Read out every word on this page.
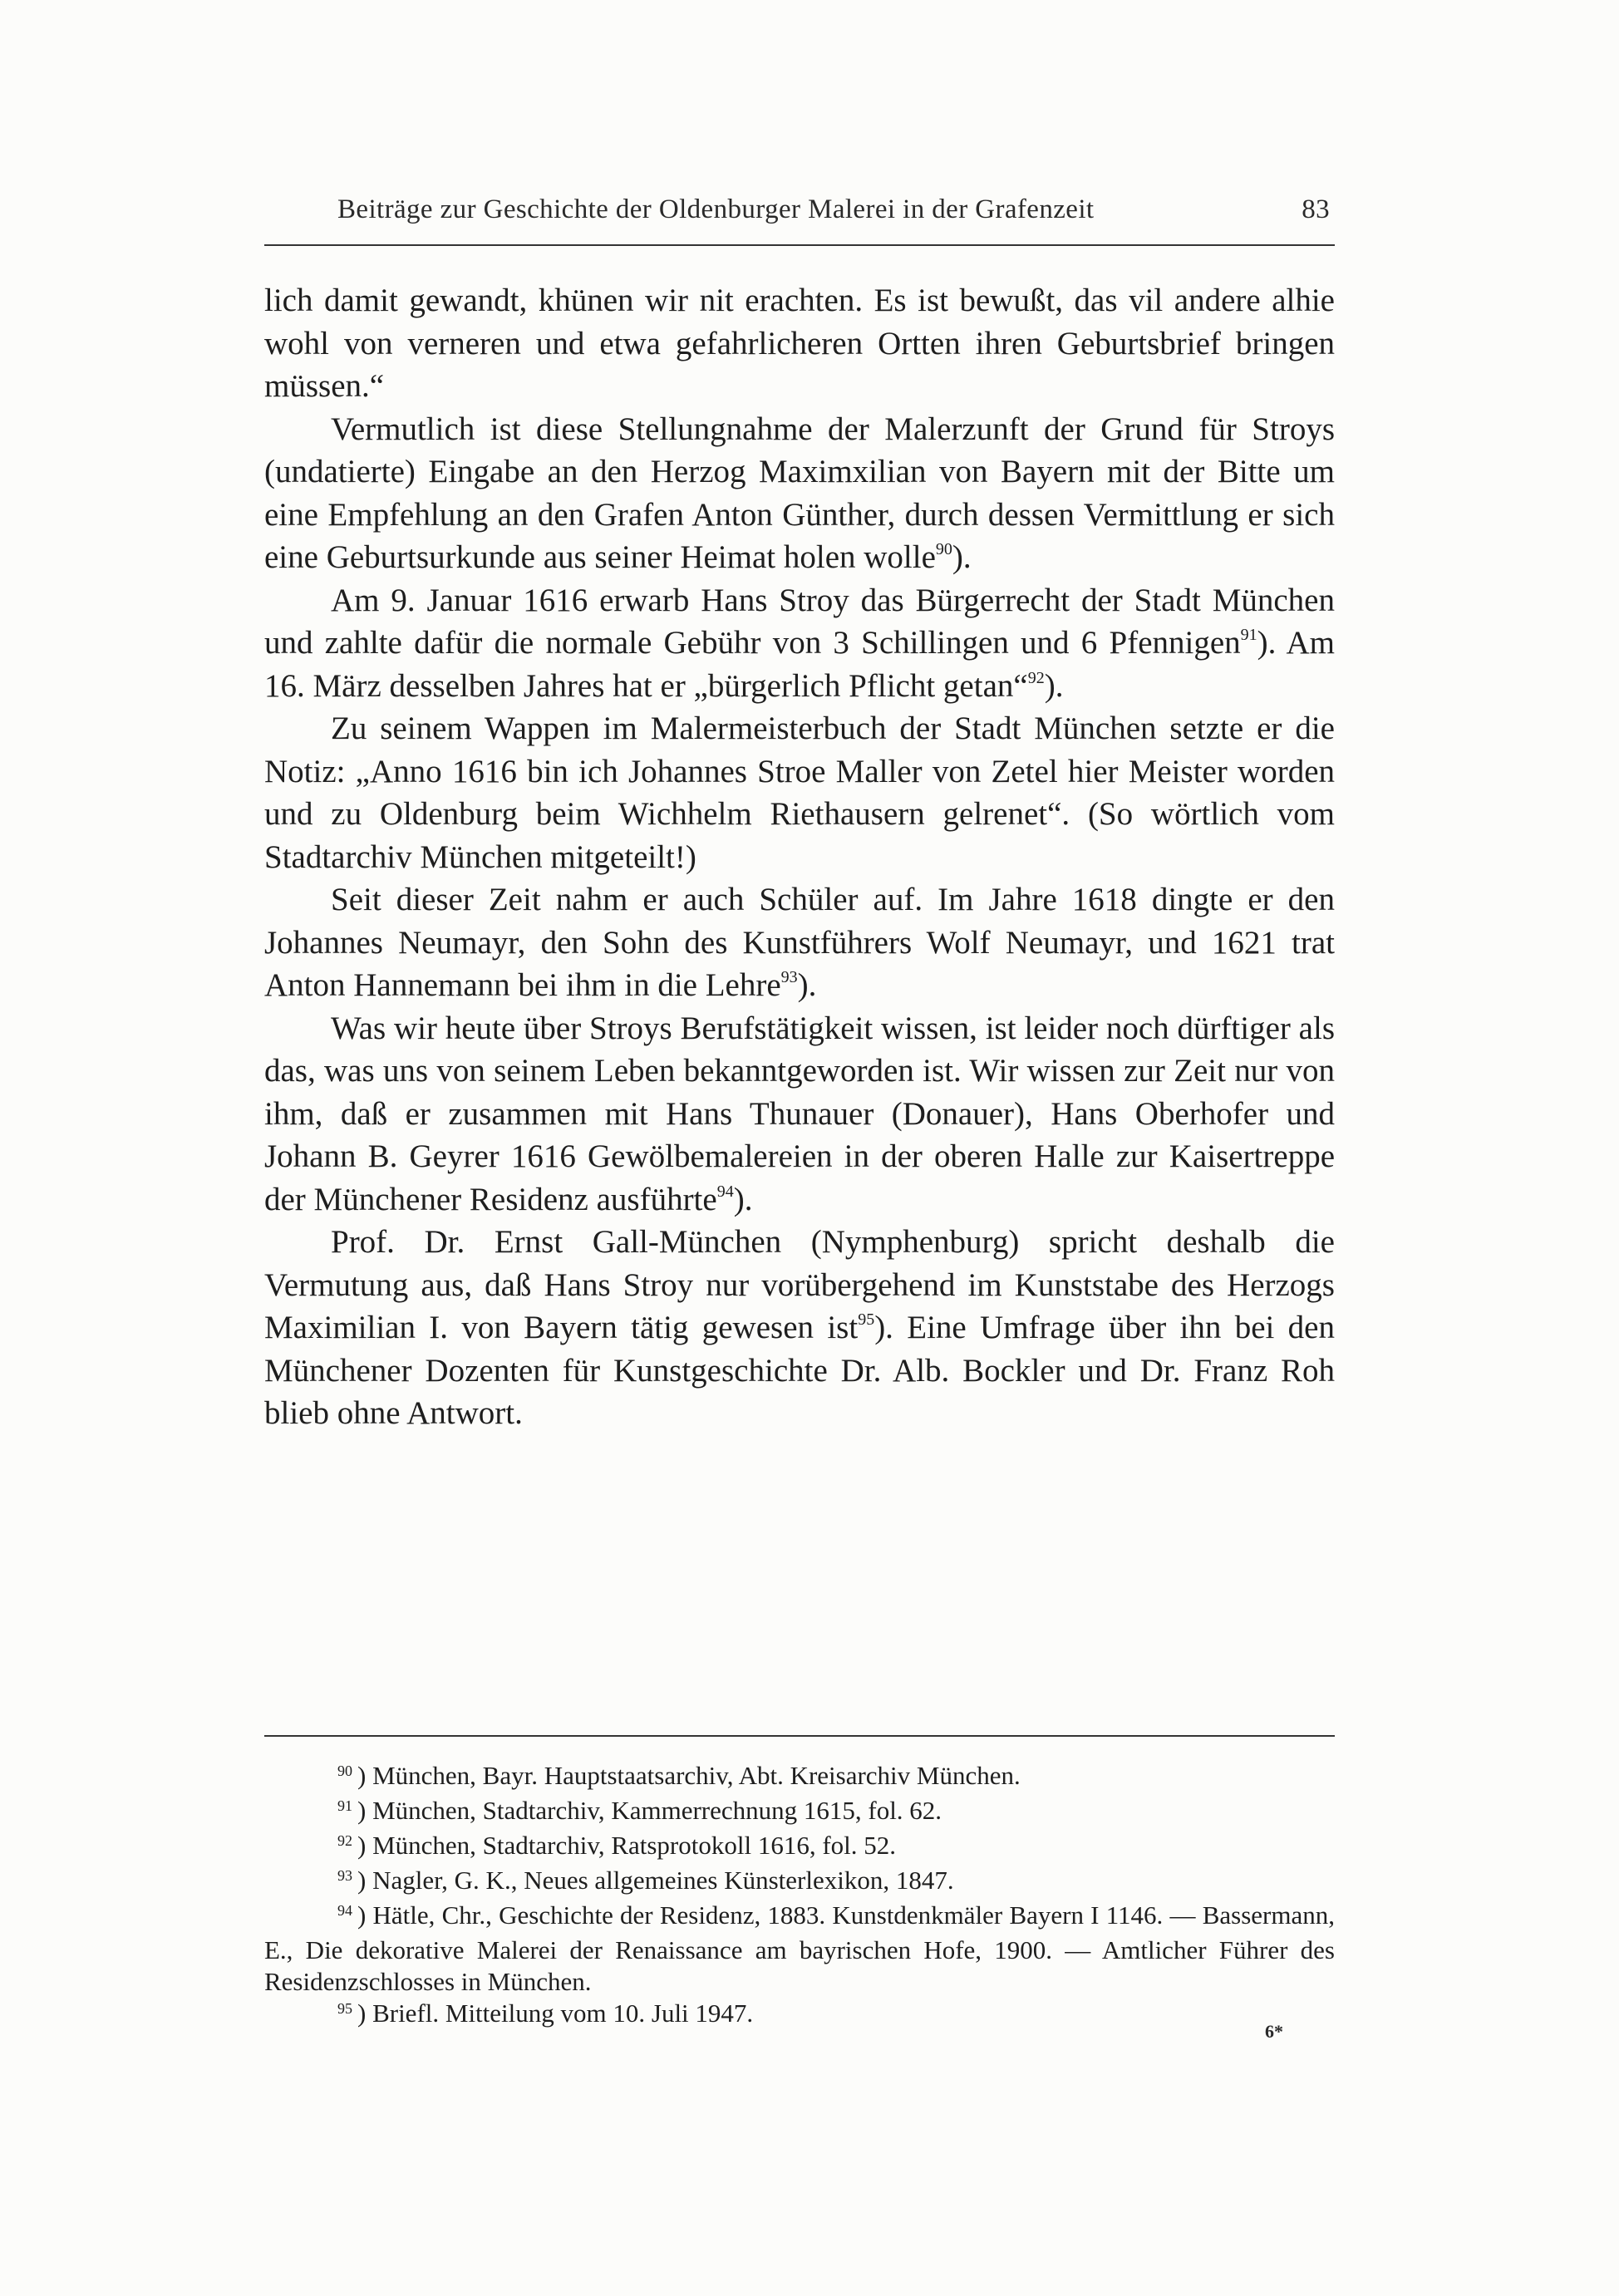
Beiträge zur Geschichte der Oldenburger Malerei in der Grafenzeit	83

lich damit gewandt, khünen wir nit erachten. Es ist bewußt, das vil andere alhie wohl von verneren und etwa gefahrlicheren Ortten ihren Geburtsbrief bringen müssen.“

Vermutlich ist diese Stellungnahme der Malerzunft der Grund für Stroys (undatierte) Eingabe an den Herzog Maximxilian von Bayern mit der Bitte um eine Empfehlung an den Grafen Anton Günther, durch dessen Vermittlung er sich eine Geburtsurkunde aus seiner Heimat holen wolle$^{90}$).

Am 9. Januar 1616 erwarb Hans Stroy das Bürgerrecht der Stadt München und zahlte dafür die normale Gebühr von 3 Schillingen und 6 Pfennigen$^{91}$). Am 16. März desselben Jahres hat er „bürgerlich Pflicht getan“$^{92}$).

Zu seinem Wappen im Malermeisterbuch der Stadt München setzte er die Notiz: „Anno 1616 bin ich Johannes Stroe Maller von Zetel hier Meister worden und zu Oldenburg beim Wichhelm Riethausern gelrenet“. (So wörtlich vom Stadtarchiv München mitgeteilt!)

Seit dieser Zeit nahm er auch Schüler auf. Im Jahre 1618 dingte er den Johannes Neumayr, den Sohn des Kunstführers Wolf Neumayr, und 1621 trat Anton Hannemann bei ihm in die Lehre$^{93}$).

Was wir heute über Stroys Berufstätigkeit wissen, ist leider noch dürftiger als das, was uns von seinem Leben bekanntgeworden ist. Wir wissen zur Zeit nur von ihm, daß er zusammen mit Hans Thunauer (Donauer), Hans Oberhofer und Johann B. Geyrer 1616 Gewölbemalereien in der oberen Halle zur Kaisertreppe der Münchener Residenz ausführte$^{94}$).

Prof. Dr. Ernst Gall-München (Nymphenburg) spricht deshalb die Vermutung aus, daß Hans Stroy nur vorübergehend im Kunststabe des Herzogs Maximilian I. von Bayern tätig gewesen ist$^{95}$). Eine Umfrage über ihn bei den Münchener Dozenten für Kunstgeschichte Dr. Alb. Bockler und Dr. Franz Roh blieb ohne Antwort.

$^{90}$ ) München, Bayr. Hauptstaatsarchiv, Abt. Kreisarchiv München.

$^{91}$ ) München, Stadtarchiv, Kammerrechnung 1615, fol. 62.

$^{92}$ ) München, Stadtarchiv, Ratsprotokoll 1616, fol. 52.

$^{93}$ ) Nagler, G. K., Neues allgemeines Künsterlexikon, 1847.

$^{94}$ ) Hätle, Chr., Geschichte der Residenz, 1883. Kunstdenkmäler Bayern I 1146. — Bassermann, E., Die dekorative Malerei der Renaissance am bayrischen Hofe, 1900. — Amtlicher Führer des Residenzschlosses in München.

$^{95}$ ) Briefl. Mitteilung vom 10. Juli 1947.

6*
